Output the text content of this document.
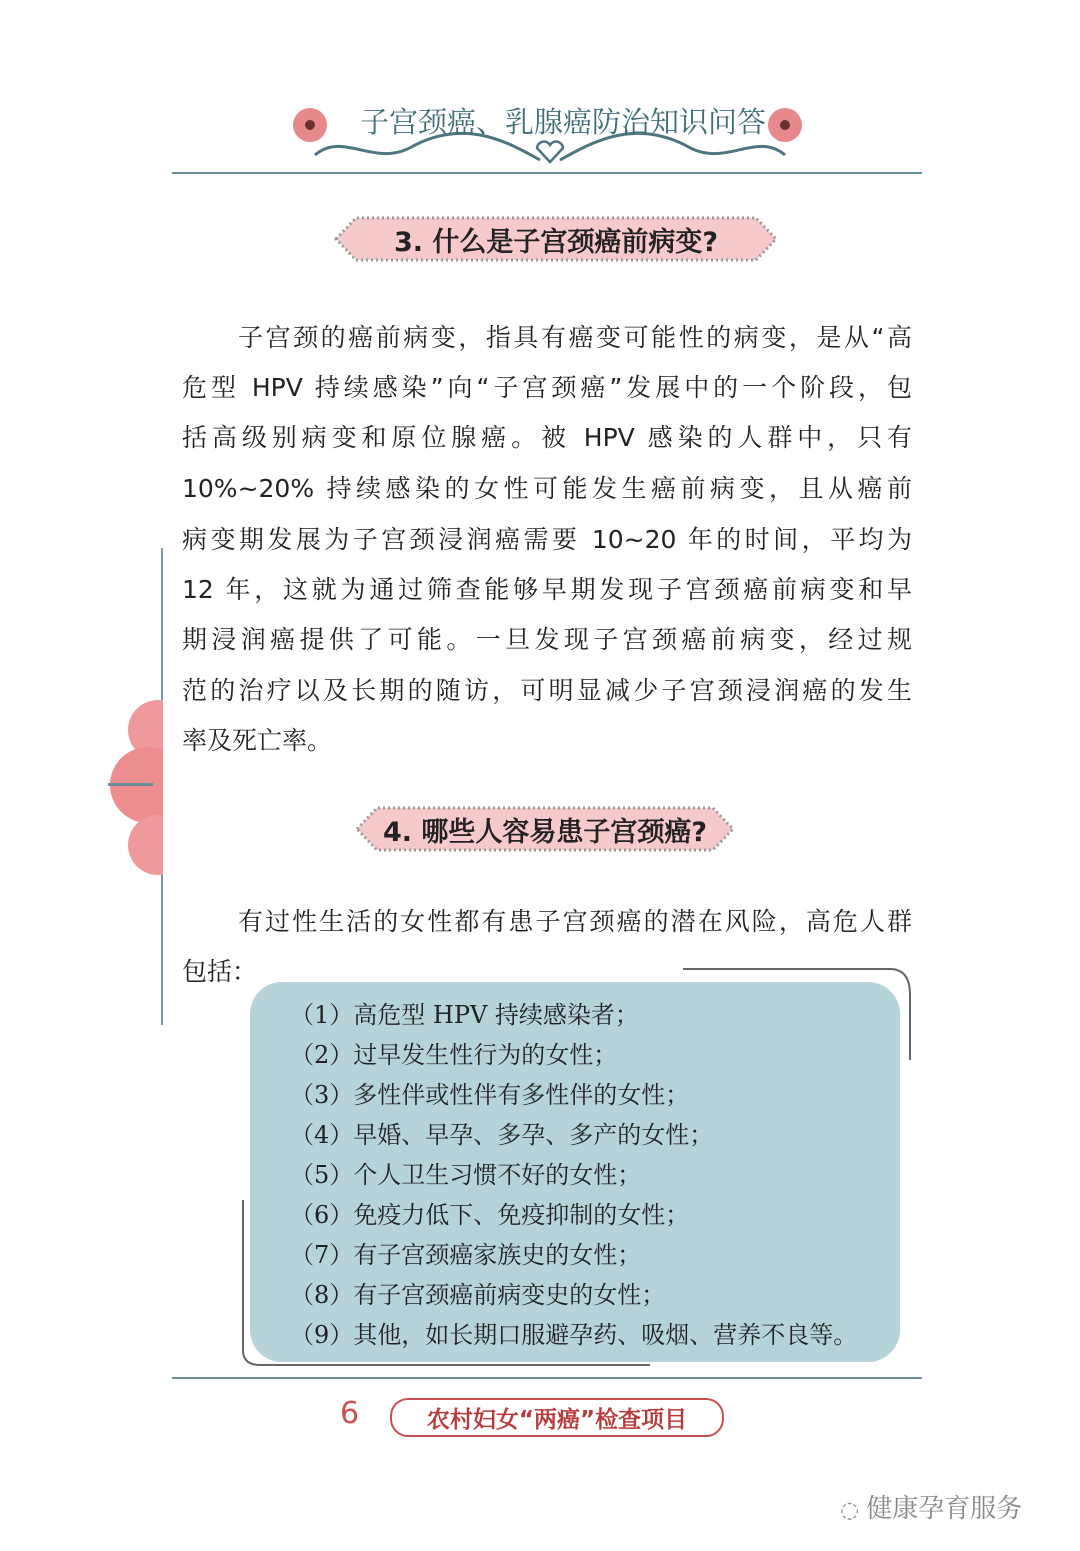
子宫颈癌、乳腺癌防治知识问答
3. 什么是子宫颈癌前病变?
子宫颈的癌前病变，指具有癌变可能性的病变，是从“高
危型 HPV 持续感染”向“子宫颈癌”发展中的一个阶段，包
括高级别病变和原位腺癌。被 HPV 感染的人群中，只有
10%~20% 持续感染的女性可能发生癌前病变，且从癌前
病变期发展为子宫颈浸润癌需要 10~20 年的时间，平均为
12 年，这就为通过筛查能够早期发现子宫颈癌前病变和早
期浸润癌提供了可能。一旦发现子宫颈癌前病变，经过规
范的治疗以及长期的随访，可明显减少子宫颈浸润癌的发生
率及死亡率。
4. 哪些人容易患子宫颈癌?
有过性生活的女性都有患子宫颈癌的潜在风险，高危人群
包括：
（1）高危型 HPV 持续感染者；
（2）过早发生性行为的女性；
（3）多性伴或性伴有多性伴的女性；
（4）早婚、早孕、多孕、多产的女性；
（5）个人卫生习惯不好的女性；
（6）免疫力低下、免疫抑制的女性；
（7）有子宫颈癌家族史的女性；
（8）有子宫颈癌前病变史的女性；
（9）其他，如长期口服避孕药、吸烟、营养不良等。
6	农村妇女“两癌”检查项目
◌ 健康孕育服务
